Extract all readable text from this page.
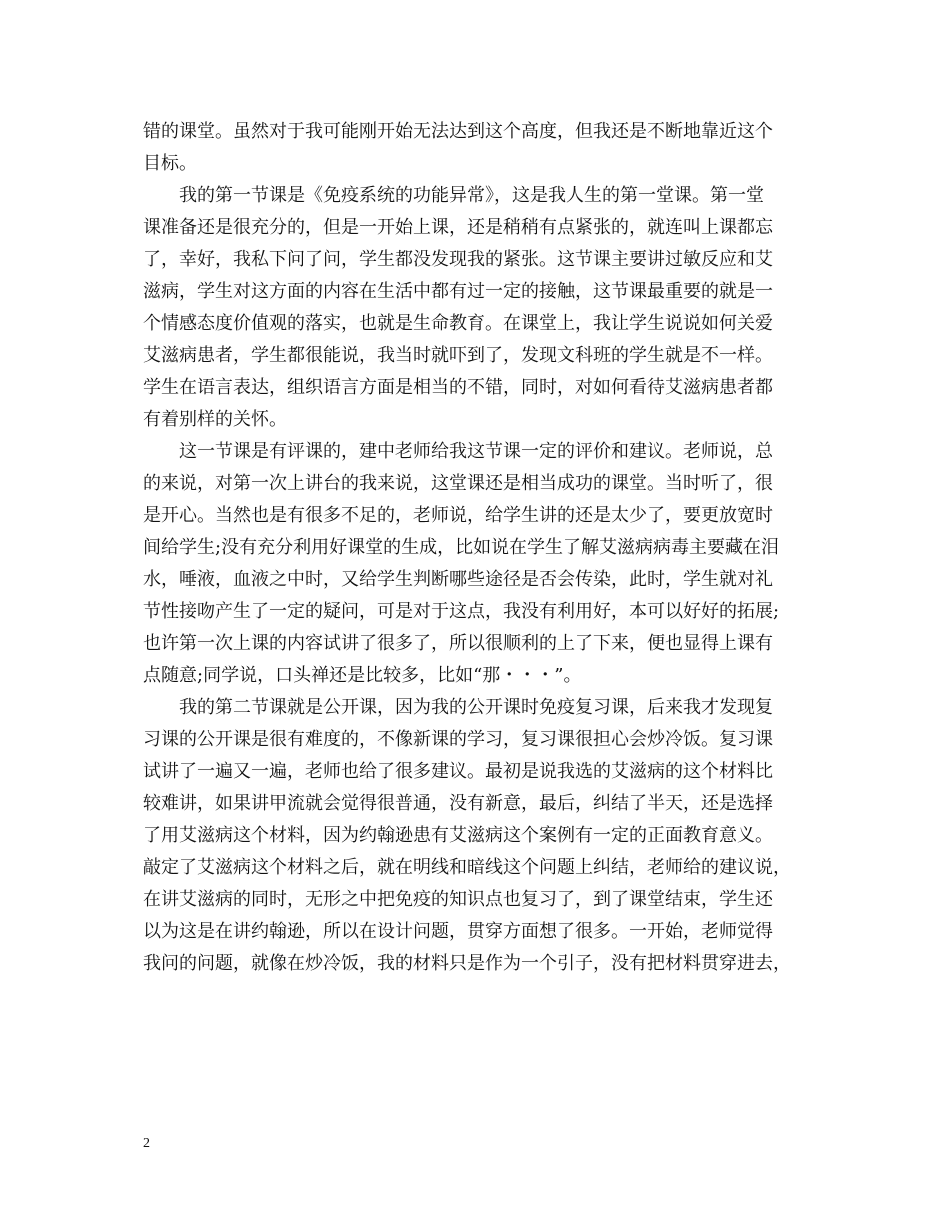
错的课堂。虽然对于我可能刚开始无法达到这个高度，但我还是不断地靠近这个
目标。
我的第一节课是《免疫系统的功能异常》，这是我人生的第一堂课。第一堂
课准备还是很充分的，但是一开始上课，还是稍稍有点紧张的，就连叫上课都忘
了，幸好，我私下问了问，学生都没发现我的紧张。这节课主要讲过敏反应和艾
滋病，学生对这方面的内容在生活中都有过一定的接触，这节课最重要的就是一
个情感态度价值观的落实，也就是生命教育。在课堂上，我让学生说说如何关爱
艾滋病患者，学生都很能说，我当时就吓到了，发现文科班的学生就是不一样。
学生在语言表达，组织语言方面是相当的不错，同时，对如何看待艾滋病患者都
有着别样的关怀。
这一节课是有评课的，建中老师给我这节课一定的评价和建议。老师说，总
的来说，对第一次上讲台的我来说，这堂课还是相当成功的课堂。当时听了，很
是开心。当然也是有很多不足的，老师说，给学生讲的还是太少了，要更放宽时
间给学生;没有充分利用好课堂的生成，比如说在学生了解艾滋病病毒主要藏在泪
水，唾液，血液之中时，又给学生判断哪些途径是否会传染，此时，学生就对礼
节性接吻产生了一定的疑问，可是对于这点，我没有利用好，本可以好好的拓展;
也许第一次上课的内容试讲了很多了，所以很顺利的上了下来，便也显得上课有
点随意;同学说，口头禅还是比较多，比如“那・・・”。
我的第二节课就是公开课，因为我的公开课时免疫复习课，后来我才发现复
习课的公开课是很有难度的，不像新课的学习，复习课很担心会炒冷饭。复习课
试讲了一遍又一遍，老师也给了很多建议。最初是说我选的艾滋病的这个材料比
较难讲，如果讲甲流就会觉得很普通，没有新意，最后，纠结了半天，还是选择
了用艾滋病这个材料，因为约翰逊患有艾滋病这个案例有一定的正面教育意义。
敲定了艾滋病这个材料之后，就在明线和暗线这个问题上纠结，老师给的建议说，
在讲艾滋病的同时，无形之中把免疫的知识点也复习了，到了课堂结束，学生还
以为这是在讲约翰逊，所以在设计问题，贯穿方面想了很多。一开始，老师觉得
我问的问题，就像在炒冷饭，我的材料只是作为一个引子，没有把材料贯穿进去，
2
